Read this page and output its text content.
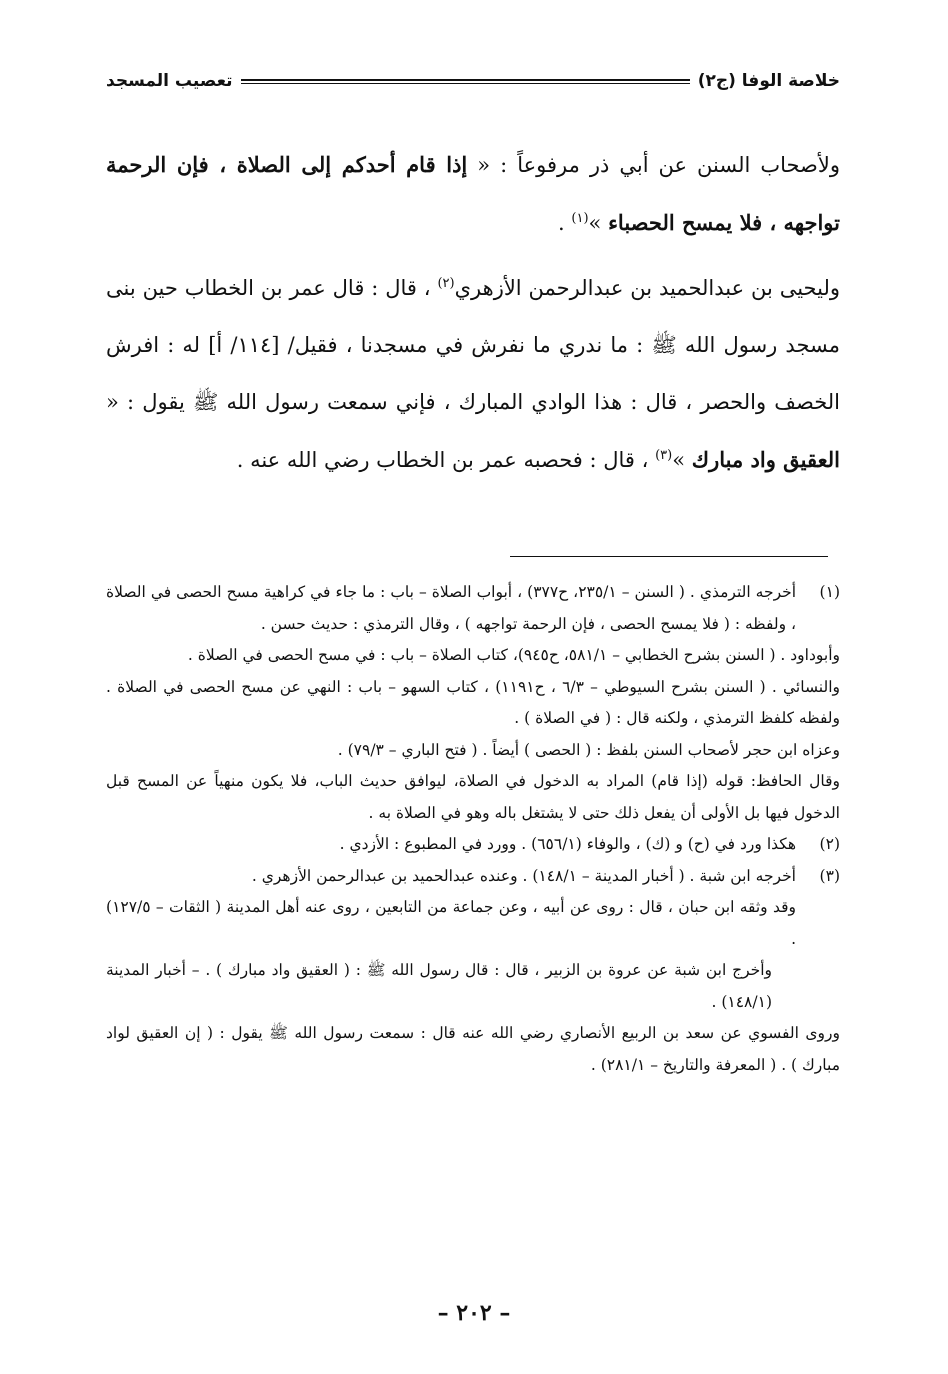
خلاصة الوفا (ج٢)
تعصيب المسجد

ولأصحاب السنن عن أبي ذر مرفوعاً : « إذا قام أحدكم إلى الصلاة ، فإن الرحمة تواجهه ، فلا يمسح الحصباء »$^{(١)}$ .

وليحيى بن عبدالحميد بن عبدالرحمن الأزهري$^{(٢)}$ ، قال : قال عمر بن الخطاب حين بنى مسجد رسول الله ﷺ : ما ندري ما نفرش في مسجدنا ، فقيل/ [١١٤/ أ] له : افرش الخصف والحصر ، قال : هذا الوادي المبارك ، فإني سمعت رسول الله ﷺ يقول : « العقيق واد مبارك »$^{(٣)}$ ، قال : فحصبه عمر بن الخطاب رضي الله عنه .

(١)

أخرجه الترمذي . ( السنن – ٢٣٥/١، ح٣٧٧) ، أبواب الصلاة – باب : ما جاء في كراهية مسح الحصى في الصلاة ، ولفظه : ( فلا يمسح الحصى ، فإن الرحمة تواجهه ) ، وقال الترمذي : حديث حسن .

وأبوداود . ( السنن بشرح الخطابي – ٥٨١/١، ح٩٤٥)، كتاب الصلاة – باب : في مسح الحصى في الصلاة .

والنسائي . ( السنن بشرح السيوطي – ٦/٣ ، ح١١٩١) ، كتاب السهو – باب : النهي عن مسح الحصى في الصلاة . ولفظه كلفظ الترمذي ، ولكنه قال : ( في الصلاة ) .

وعزاه ابن حجر لأصحاب السنن بلفظ : ( الحصى ) أيضاً . ( فتح الباري – ٧٩/٣) .

وقال الحافظ: قوله (إذا قام) المراد به الدخول في الصلاة، ليوافق حديث الباب، فلا يكون منهياً عن المسح قبل الدخول فيها بل الأولى أن يفعل ذلك حتى لا يشتغل باله وهو في الصلاة به .

(٢)

هكذا ورد في (ح) و (ك) ، والوفاء (٦٥٦/١) . وورد في المطبوع : الأزدي .

(٣)

أخرجه ابن شبة . ( أخبار المدينة – ١٤٨/١) . وعنده عبدالحميد بن عبدالرحمن الأزهري .

وقد وثقه ابن حبان ، قال : روى عن أبيه ، وعن جماعة من التابعين ، روى عنه أهل المدينة ( الثقات – ١٢٧/٥) .

وأخرج ابن شبة عن عروة بن الزبير ، قال : قال رسول الله ﷺ : ( العقيق واد مبارك ) . – أخبار المدينة (١٤٨/١) .

وروى الفسوي عن سعد بن الربيع الأنصاري رضي الله عنه قال : سمعت رسول الله ﷺ يقول : ( إن العقيق لواد مبارك ) . ( المعرفة والتاريخ – ٢٨١/١) .

– ٢٠٢ –
